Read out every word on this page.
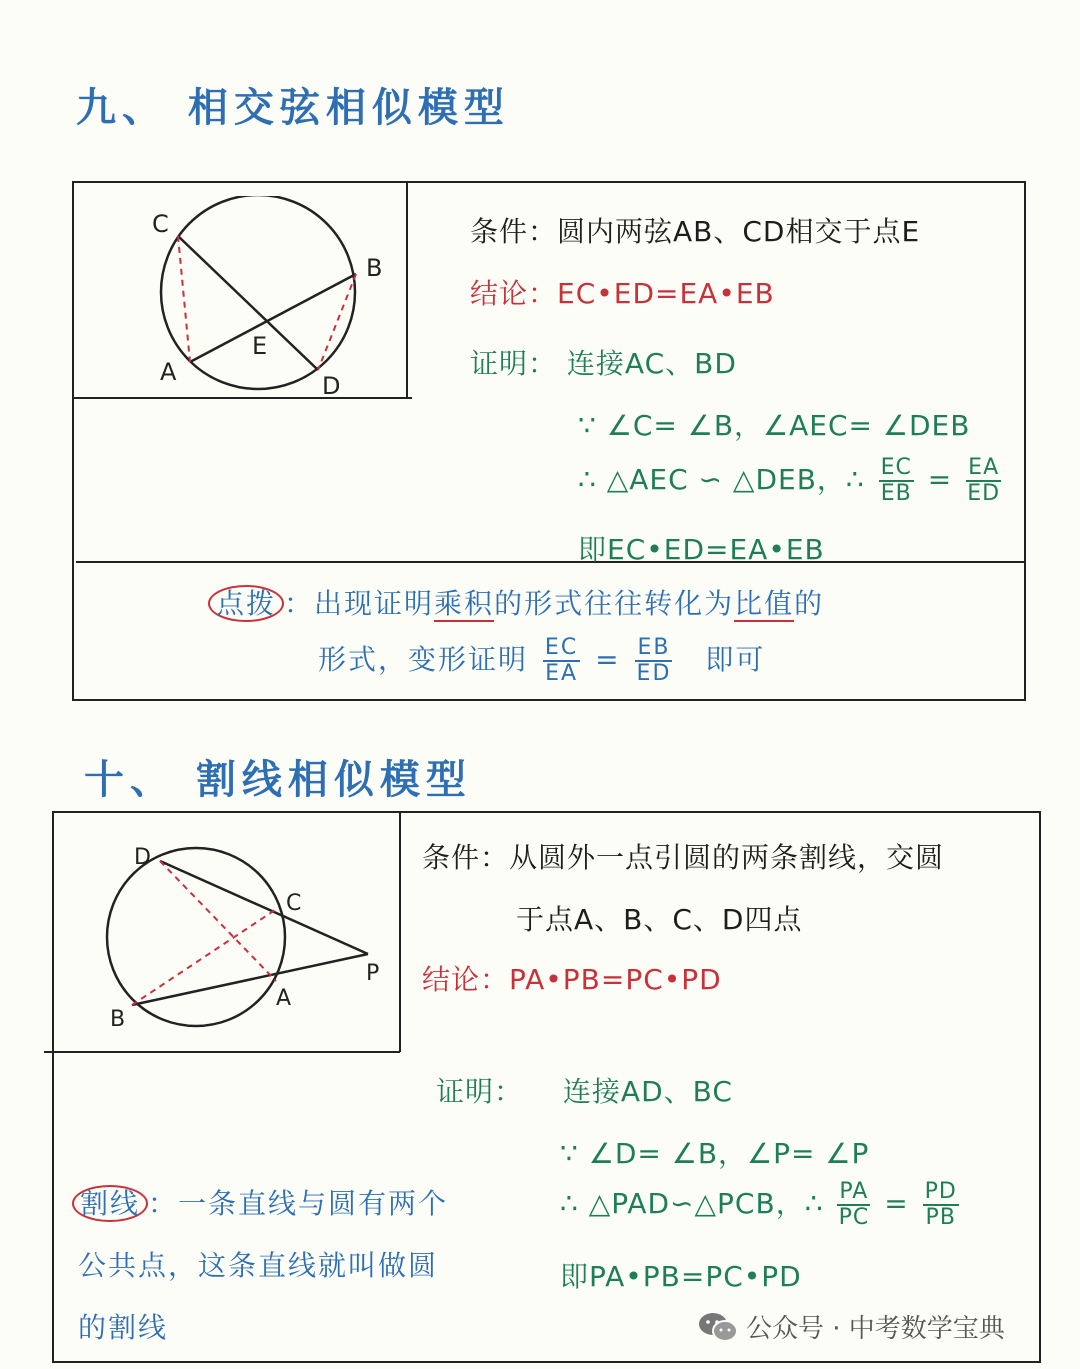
九、 相交弦相似模型
C
B
E
A	D
条件：圆内两弦AB、CD相交于点E
结论：EC•ED=EA•EB
证明： 连接AC、BD
∵ ∠C= ∠B，∠AEC= ∠DEB
∴ △AEC ∽ △DEB，∴ $\frac{EC}{EB} = \frac{EA}{ED}$
即EC•ED=EA•EB
点拨 ：出现证明乘积的形式往往转化为比值的
形式，变形证明 $\frac{EC}{EA} = \frac{EB}{ED}$ 即可
十、 割线相似模型
D
C
P
A
B
条件：从圆外一点引圆的两条割线，交圆
于点A、B、C、D四点
结论：PA•PB=PC•PD
证明： 连接AD、BC
∵ ∠D= ∠B，∠P= ∠P
∴ △PAD∽△PCB，∴ $\frac{PA}{PC} = \frac{PD}{PB}$
即PA•PB=PC•PD
割线 ：一条直线与圆有两个
公共点，这条直线就叫做圆
的割线	公众号 · 中考数学宝典
